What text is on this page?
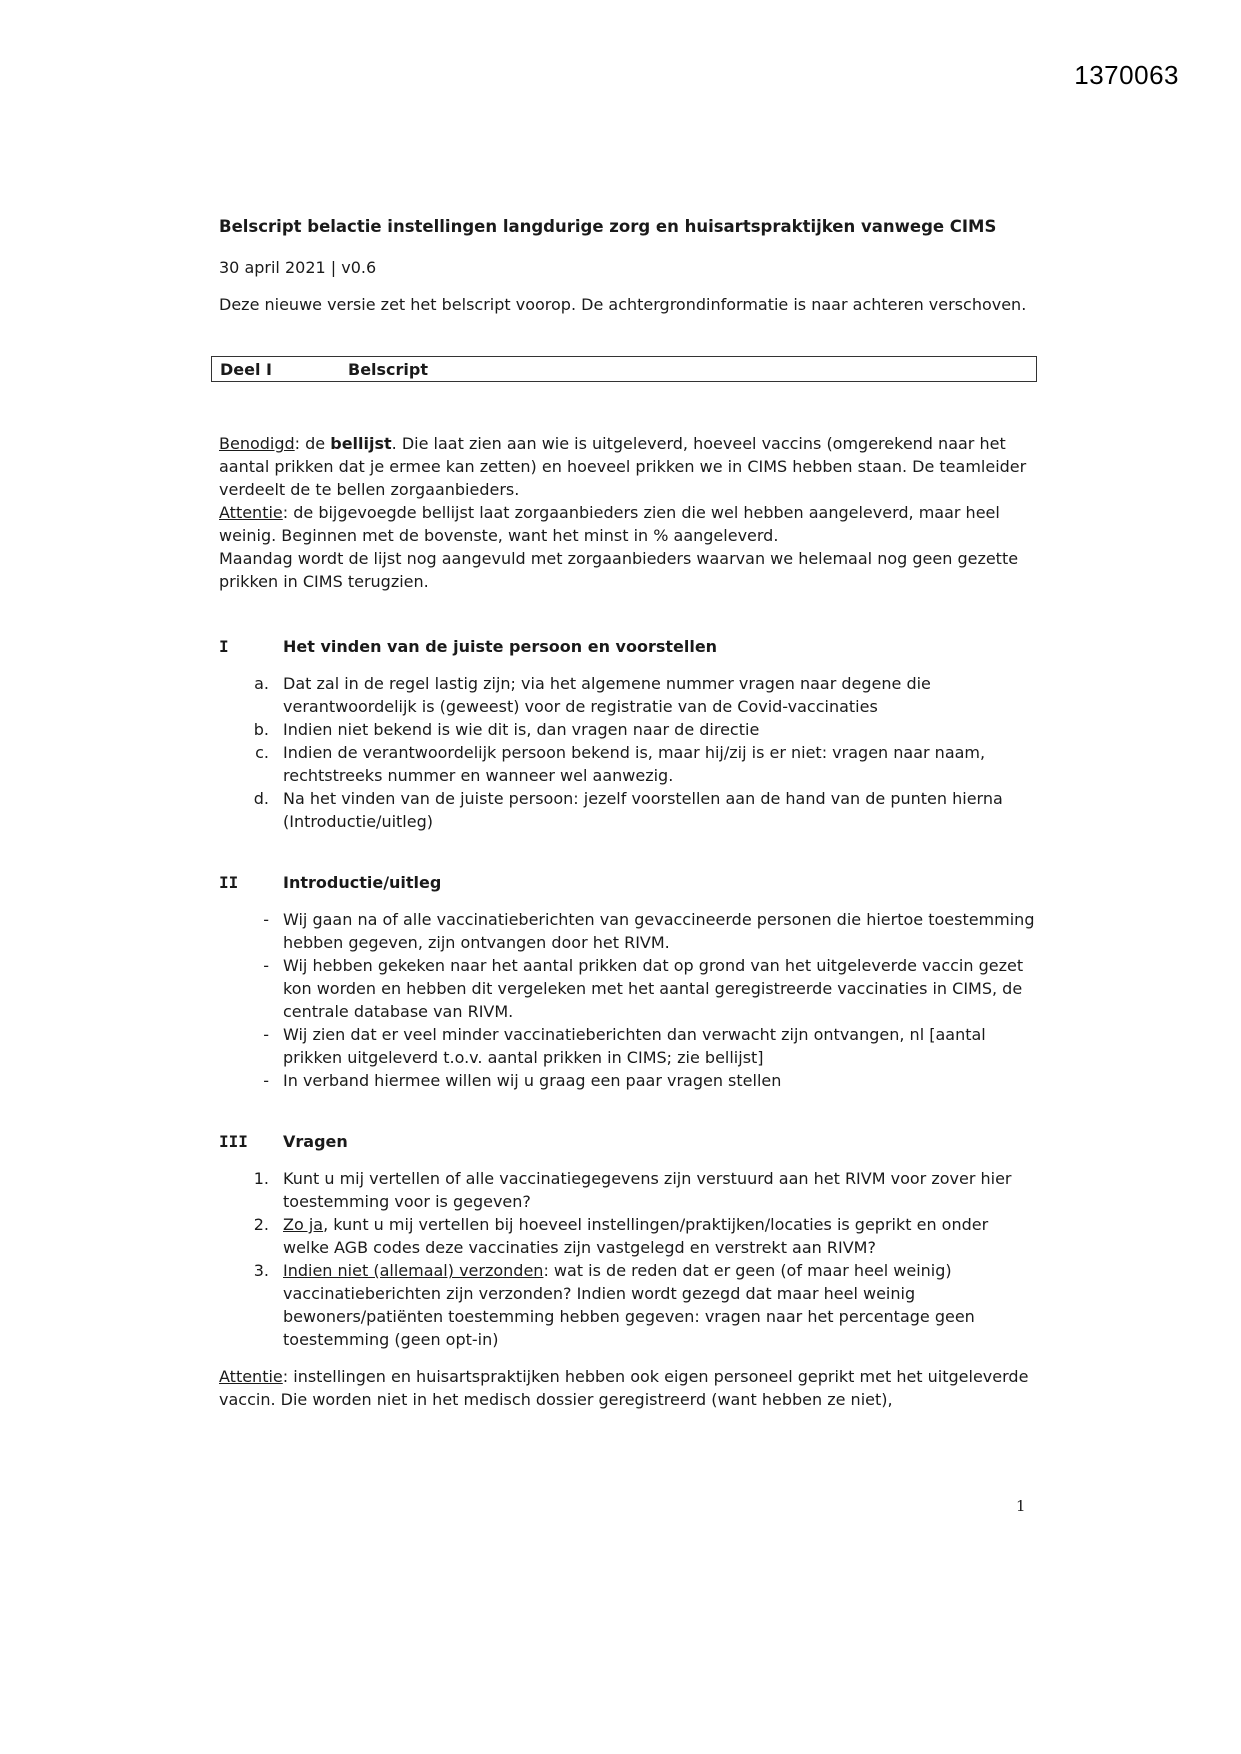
1370063
Belscript belactie instellingen langdurige zorg en huisartspraktijken vanwege CIMS
30 april 2021 | v0.6
Deze nieuwe versie zet het belscript voorop. De achtergrondinformatie is naar achteren verschoven.
Deel I	Belscript

Benodigd: de bellijst. Die laat zien aan wie is uitgeleverd, hoeveel vaccins (omgerekend naar het aantal prikken dat je ermee kan zetten) en hoeveel prikken we in CIMS hebben staan. De teamleider verdeelt de te bellen zorgaanbieders.

Attentie: de bijgevoegde bellijst laat zorgaanbieders zien die wel hebben aangeleverd, maar heel weinig. Beginnen met de bovenste, want het minst in % aangeleverd.

Maandag wordt de lijst nog aangevuld met zorgaanbieders waarvan we helemaal nog geen gezette prikken in CIMS terugzien.

I	Het vinden van de juiste persoon en voorstellen
a. Dat zal in de regel lastig zijn; via het algemene nummer vragen naar degene die verantwoordelijk is (geweest) voor de registratie van de Covid-vaccinaties
b. Indien niet bekend is wie dit is, dan vragen naar de directie
c. Indien de verantwoordelijk persoon bekend is, maar hij/zij is er niet: vragen naar naam, rechtstreeks nummer en wanneer wel aanwezig.
d. Na het vinden van de juiste persoon: jezelf voorstellen aan de hand van de punten hierna (Introductie/uitleg)
II	Introductie/uitleg
- Wij gaan na of alle vaccinatieberichten van gevaccineerde personen die hiertoe toestemming hebben gegeven, zijn ontvangen door het RIVM.
- Wij hebben gekeken naar het aantal prikken dat op grond van het uitgeleverde vaccin gezet kon worden en hebben dit vergeleken met het aantal geregistreerde vaccinaties in CIMS, de centrale database van RIVM.
- Wij zien dat er veel minder vaccinatieberichten dan verwacht zijn ontvangen, nl [aantal prikken uitgeleverd t.o.v. aantal prikken in CIMS; zie bellijst]
- In verband hiermee willen wij u graag een paar vragen stellen
III	Vragen
1. Kunt u mij vertellen of alle vaccinatiegegevens zijn verstuurd aan het RIVM voor zover hier toestemming voor is gegeven?
2. Zo ja, kunt u mij vertellen bij hoeveel instellingen/praktijken/locaties is geprikt en onder welke AGB codes deze vaccinaties zijn vastgelegd en verstrekt aan RIVM?
3. Indien niet (allemaal) verzonden: wat is de reden dat er geen (of maar heel weinig) vaccinatieberichten zijn verzonden? Indien wordt gezegd dat maar heel weinig bewoners/patiënten toestemming hebben gegeven: vragen naar het percentage geen toestemming (geen opt-in)

Attentie: instellingen en huisartspraktijken hebben ook eigen personeel geprikt met het uitgeleverde vaccin. Die worden niet in het medisch dossier geregistreerd (want hebben ze niet),

1
